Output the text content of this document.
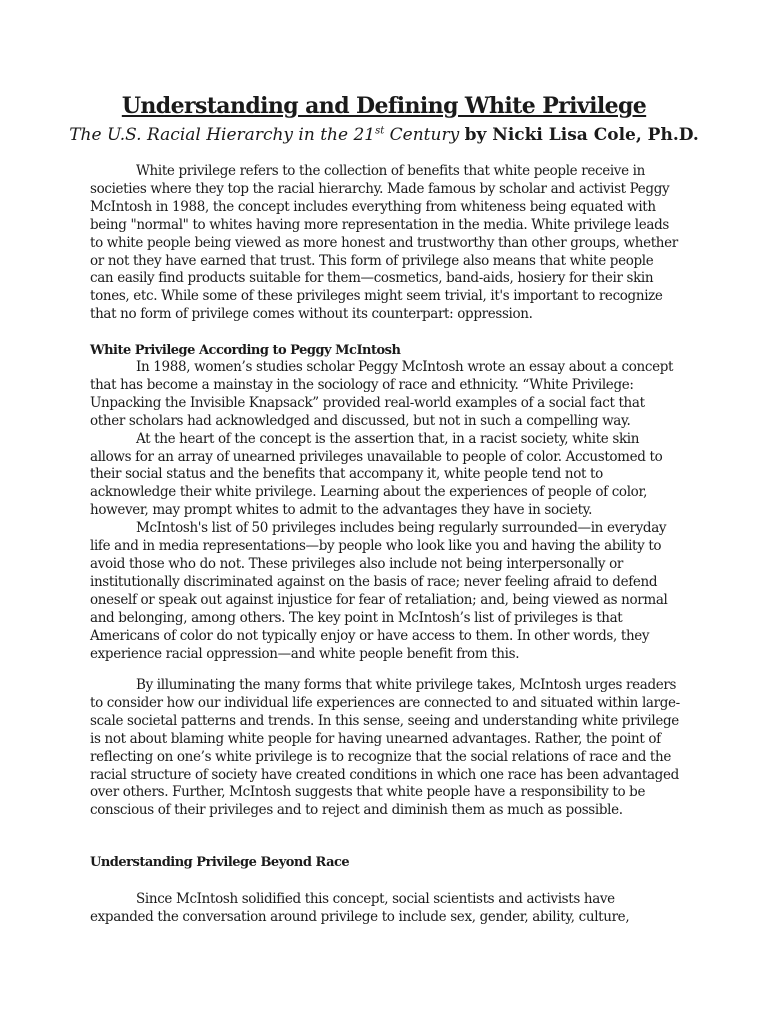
Understanding and Defining White Privilege
The U.S. Racial Hierarchy in the 21st Century by Nicki Lisa Cole, Ph.D.

White privilege refers to the collection of benefits that white people receive in societies where they top the racial hierarchy. Made famous by scholar and activist Peggy McIntosh in 1988, the concept includes everything from whiteness being equated with being "normal" to whites having more representation in the media. White privilege leads to white people being viewed as more honest and trustworthy than other groups, whether or not they have earned that trust. This form of privilege also means that white people can easily find products suitable for them—cosmetics, band-aids, hosiery for their skin tones, etc. While some of these privileges might seem trivial, it's important to recognize that no form of privilege comes without its counterpart: oppression.

White Privilege According to Peggy McIntosh

In 1988, women’s studies scholar Peggy McIntosh wrote an essay about a concept that has become a mainstay in the sociology of race and ethnicity. “White Privilege: Unpacking the Invisible Knapsack” provided real-world examples of a social fact that other scholars had acknowledged and discussed, but not in such a compelling way.

At the heart of the concept is the assertion that, in a racist society, white skin allows for an array of unearned privileges unavailable to people of color. Accustomed to their social status and the benefits that accompany it, white people tend not to acknowledge their white privilege. Learning about the experiences of people of color, however, may prompt whites to admit to the advantages they have in society.

McIntosh's list of 50 privileges includes being regularly surrounded—in everyday life and in media representations—by people who look like you and having the ability to avoid those who do not. These privileges also include not being interpersonally or institutionally discriminated against on the basis of race; never feeling afraid to defend oneself or speak out against injustice for fear of retaliation; and, being viewed as normal and belonging, among others. The key point in McIntosh’s list of privileges is that Americans of color do not typically enjoy or have access to them. In other words, they experience racial oppression—and white people benefit from this.

By illuminating the many forms that white privilege takes, McIntosh urges readers to consider how our individual life experiences are connected to and situated within large-scale societal patterns and trends. In this sense, seeing and understanding white privilege is not about blaming white people for having unearned advantages. Rather, the point of reflecting on one’s white privilege is to recognize that the social relations of race and the racial structure of society have created conditions in which one race has been advantaged over others. Further, McIntosh suggests that white people have a responsibility to be conscious of their privileges and to reject and diminish them as much as possible.

Understanding Privilege Beyond Race

Since McIntosh solidified this concept, social scientists and activists have expanded the conversation around privilege to include sex, gender, ability, culture,
